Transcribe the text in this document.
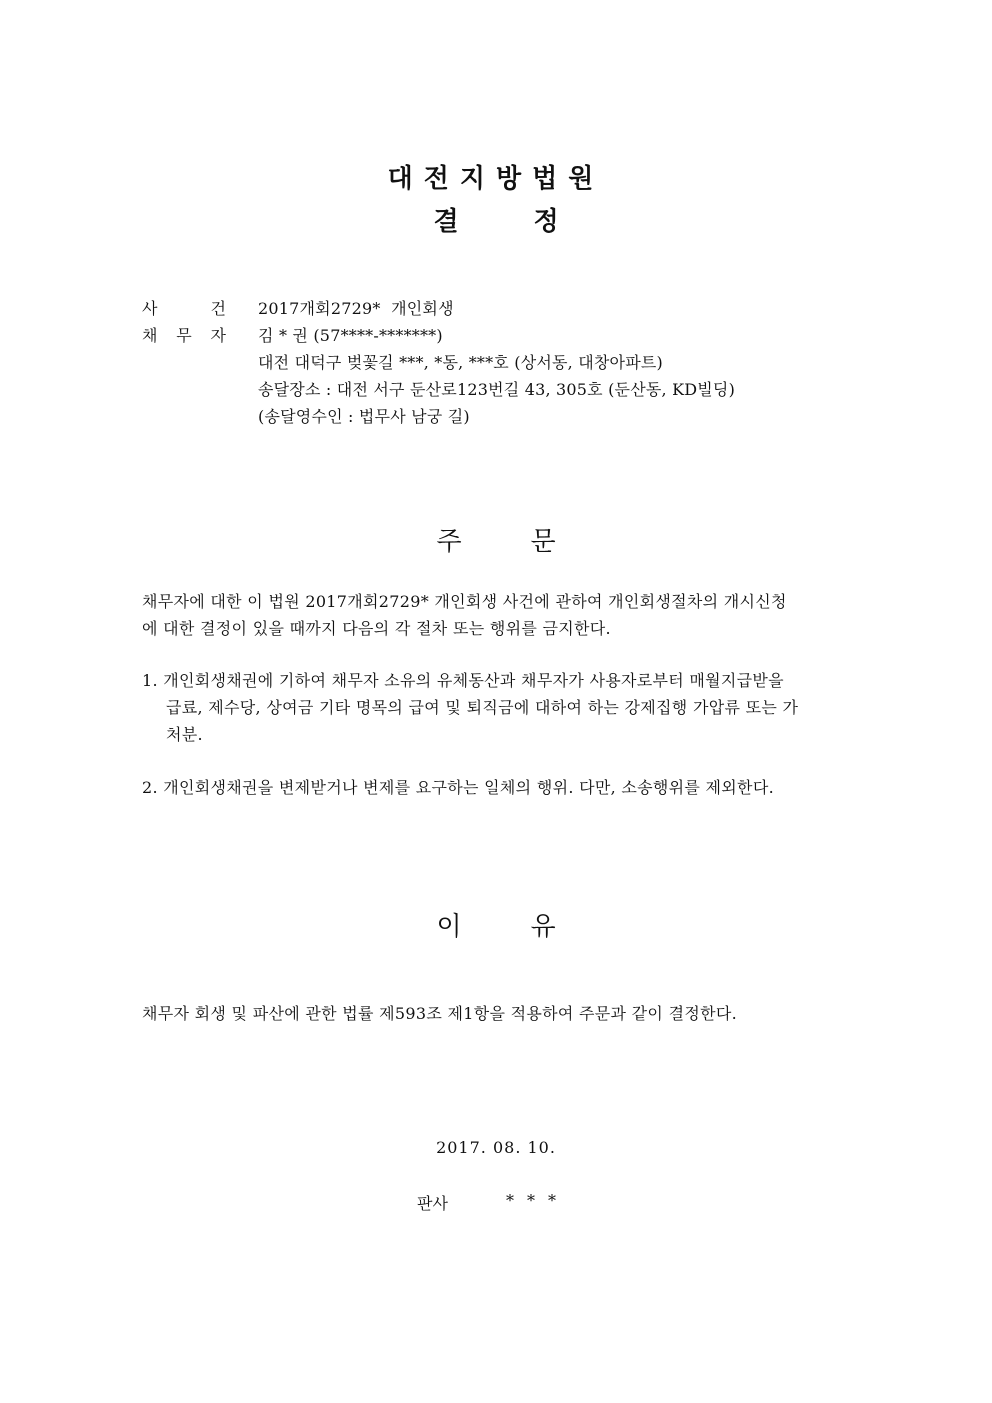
대전지방법원
결	정
사	건 2017개회2729*  개인회생
채 무 자 김 * 권 (57****-*******)
대전 대덕구 벚꽃길 ***, *동, ***호 (상서동, 대창아파트)
송달장소 : 대전 서구 둔산로123번길 43, 305호 (둔산동, KD빌딩)
(송달영수인 : 법무사 남궁 길)
주	문
채무자에 대한 이 법원 2017개회2729* 개인회생 사건에 관하여 개인회생절차의 개시신청에 대한 결정이 있을 때까지 다음의 각 절차 또는 행위를 금지한다.
1. 개인회생채권에 기하여 채무자 소유의 유체동산과 채무자가 사용자로부터 매월지급받을 급료, 제수당, 상여금 기타 명목의 급여 및 퇴직금에 대하여 하는 강제집행 가압류 또는 가처분.
2. 개인회생채권을 변제받거나 변제를 요구하는 일체의 행위. 다만, 소송행위를 제외한다.
이	유
채무자 회생 및 파산에 관한 법률 제593조 제1항을 적용하여 주문과 같이 결정한다.
2017. 08. 10.
판사	***
